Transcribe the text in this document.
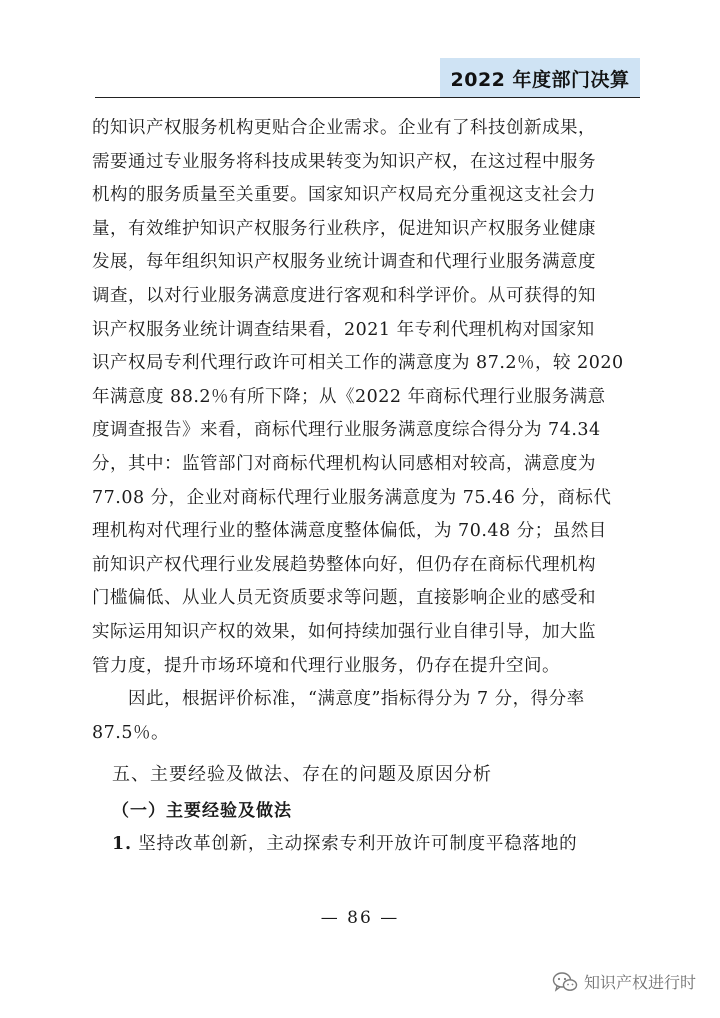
2022 年度部门决算

的知识产权服务机构更贴合企业需求。企业有了科技创新成果，
需要通过专业服务将科技成果转变为知识产权，在这过程中服务
机构的服务质量至关重要。国家知识产权局充分重视这支社会力
量，有效维护知识产权服务行业秩序，促进知识产权服务业健康
发展，每年组织知识产权服务业统计调查和代理行业服务满意度
调查，以对行业服务满意度进行客观和科学评价。从可获得的知
识产权服务业统计调查结果看，2021 年专利代理机构对国家知
识产权局专利代理行政许可相关工作的满意度为 87.2％，较 2020
年满意度 88.2％有所下降；从《2022 年商标代理行业服务满意
度调查报告》来看，商标代理行业服务满意度综合得分为 74.34
分，其中：监管部门对商标代理机构认同感相对较高，满意度为
77.08 分，企业对商标代理行业服务满意度为 75.46 分，商标代
理机构对代理行业的整体满意度整体偏低，为 70.48 分；虽然目
前知识产权代理行业发展趋势整体向好，但仍存在商标代理机构
门槛偏低、从业人员无资质要求等问题，直接影响企业的感受和
实际运用知识产权的效果，如何持续加强行业自律引导，加大监
管力度，提升市场环境和代理行业服务，仍存在提升空间。

　　因此，根据评价标准，“满意度”指标得分为 7 分，得分率
87.5％。

五、主要经验及做法、存在的问题及原因分析
（一）主要经验及做法
1. 坚持改革创新，主动探索专利开放许可制度平稳落地的
— 86 —
知识产权进行时
